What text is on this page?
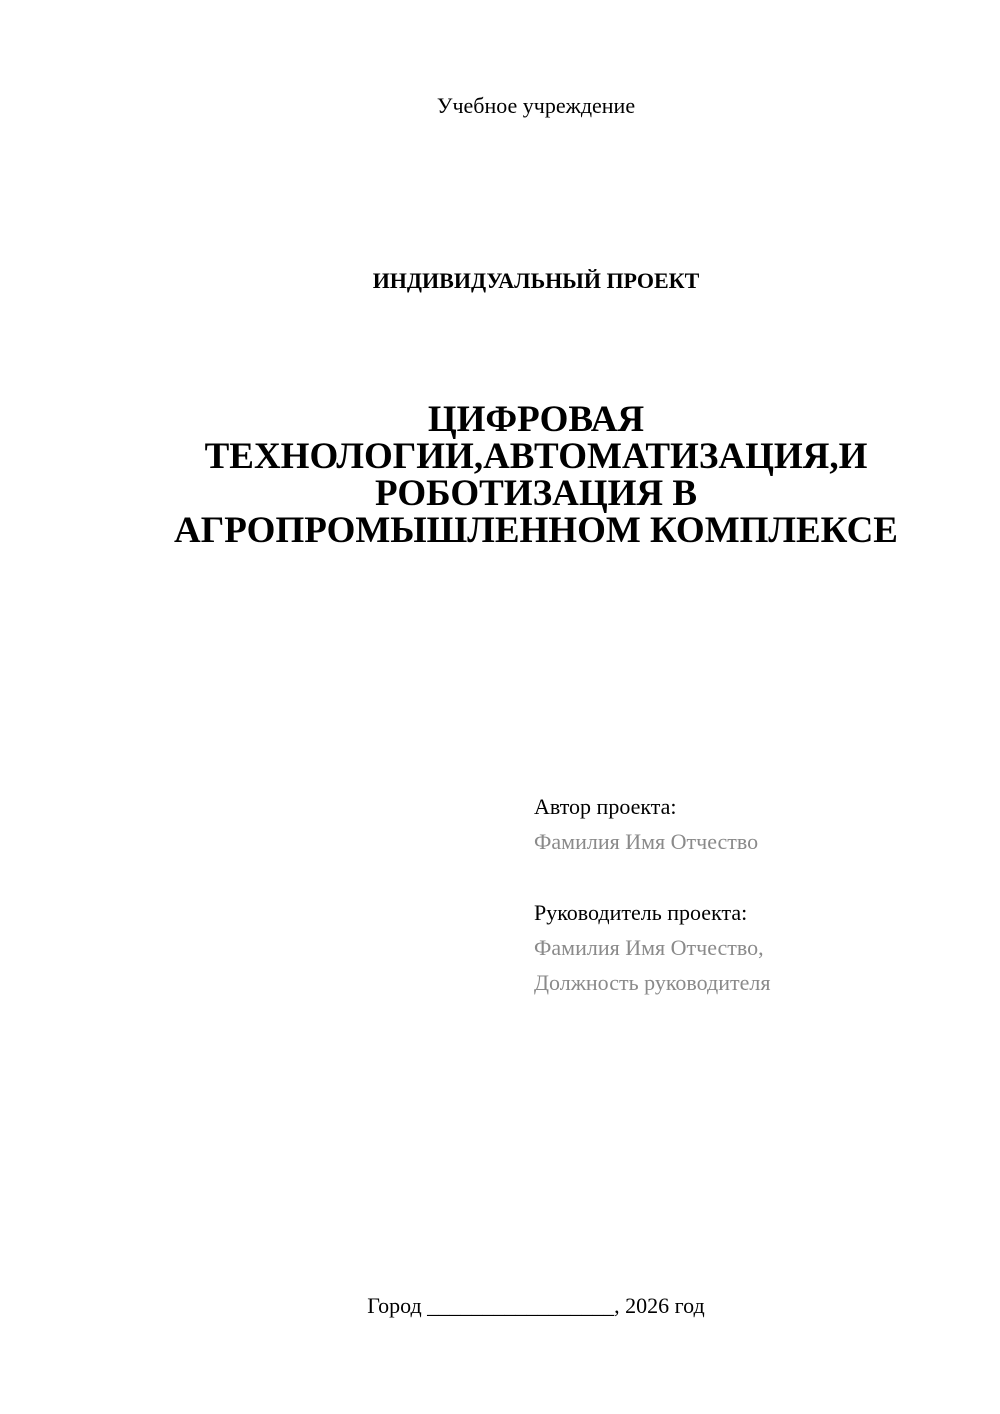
Учебное учреждение
ИНДИВИДУАЛЬНЫЙ ПРОЕКТ
ЦИФРОВАЯ
ТЕХНОЛОГИИ,АВТОМАТИЗАЦИЯ,И
РОБОТИЗАЦИЯ В
АГРОПРОМЫШЛЕННОМ КОМПЛЕКСЕ
Автор проекта:
Фамилия Имя Отчество
Руководитель проекта:
Фамилия Имя Отчество,
Должность руководителя
Город _________________, 2026 год
